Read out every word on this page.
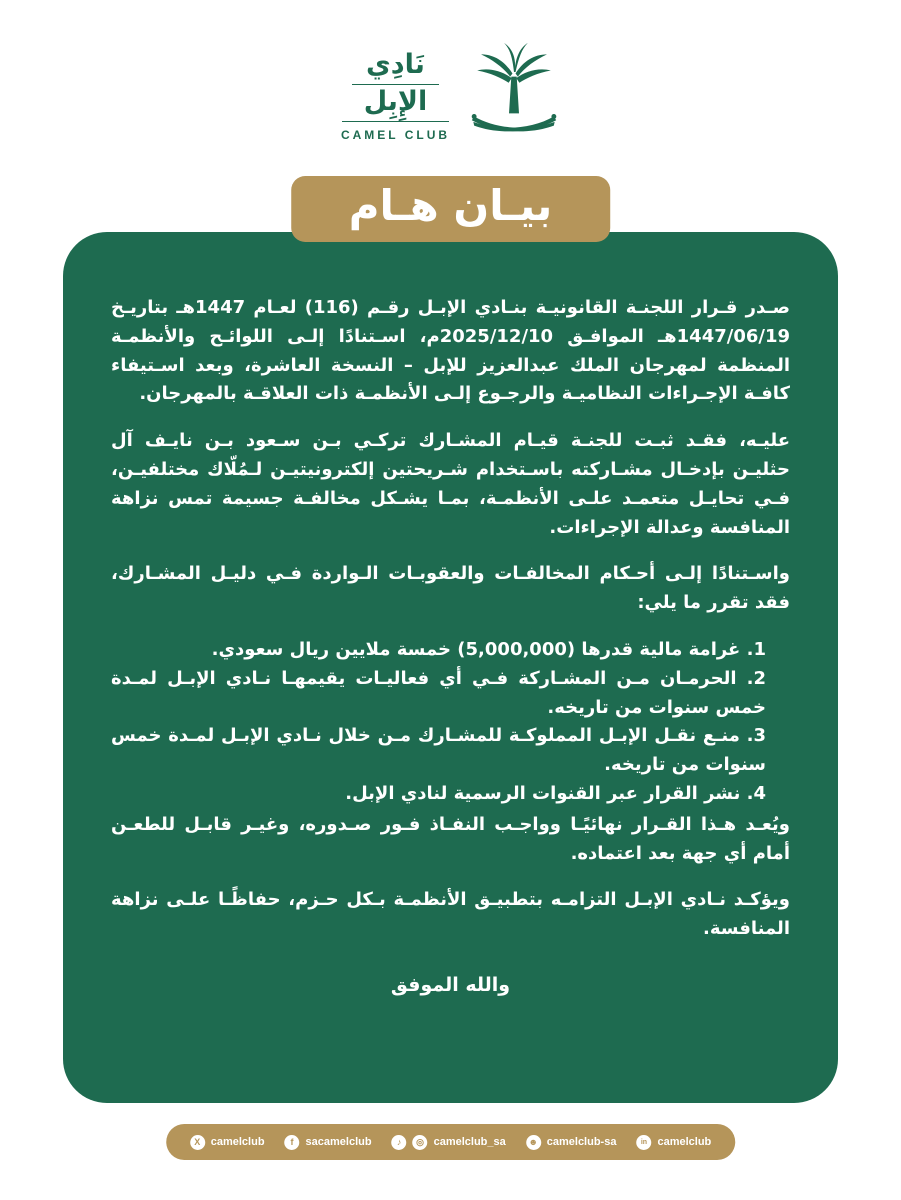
نَادِي
الإِبِل
CAMEL CLUB
بيـان هـام

صـدر قـرار اللجنـة القانونيـة بنـادي الإبـل رقـم (116) لعـام 1447هـ بتاريـخ 1447/06/19هـ الموافـق 2025/12/10م، اسـتنادًا إلـى اللوائـح والأنظمـة المنظمة لمهرجان الملك عبدالعزيز للإبل – النسخة العاشرة، وبعد اسـتيفاء كافـة الإجـراءات النظاميـة والرجـوع إلـى الأنظمـة ذات العلاقـة بالمهرجان.

عليـه، فقـد ثبـت للجنـة قيـام المشـارك تركـي بـن سـعود بـن نايـف آل حثليـن بإدخـال مشـاركته باسـتخدام شـريحتين إلكترونيتيـن لـمُلّاك مختلفيـن، فـي تحايـل متعمـد علـى الأنظمـة، بمـا يشـكل مخالفـة جسيمة تمس نزاهة المنافسة وعدالة الإجراءات.

واسـتنادًا إلـى أحـكام المخالفـات والعقوبـات الـواردة فـي دليـل المشـارك، فقد تقرر ما يلي:

1. غرامة مالية قدرها (5,000,000) خمسة ملايين ريال سعودي.

2. الحرمـان مـن المشـاركة فـي أي فعاليـات يقيمهـا نـادي الإبـل لمـدة خمس سنوات من تاريخه.

3. منـع نقـل الإبـل المملوكـة للمشـارك مـن خلال نـادي الإبـل لمـدة خمس سنوات من تاريخه.

4. نشر القرار عبر القنوات الرسمية لنادي الإبل.

ويُعـد هـذا القـرار نهائيًـا وواجـب النفـاذ فـور صـدوره، وغيـر قابـل للطعـن أمام أي جهة بعد اعتماده.

ويؤكـد نـادي الإبـل التزامـه بتطبيـق الأنظمـة بـكل حـزم، حفاظًـا علـى نزاهة المنافسة.

والله الموفق

X camelclub	f	sacamelclub	♪	◎ camelclub_sa	☻ camelclub-sa	in camelclub
